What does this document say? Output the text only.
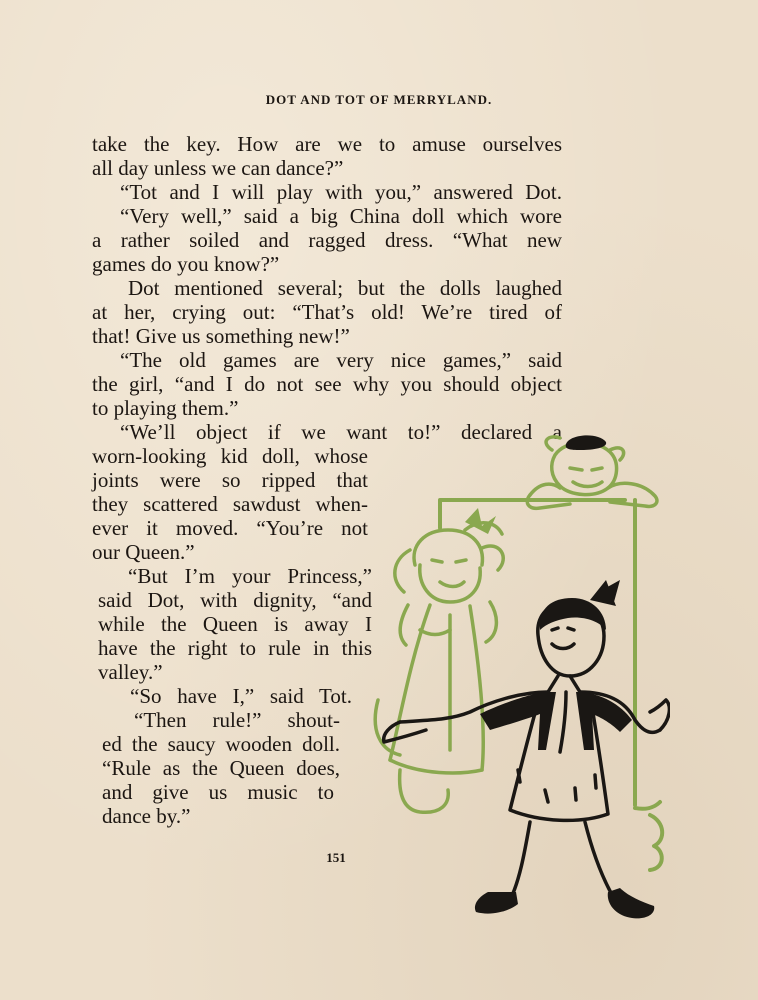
DOT AND TOT OF MERRYLAND.
take the key. How are we to amuse ourselves
all day unless we can dance?”
“Tot and I will play with you,” answered Dot.
“Very well,” said a big China doll which wore
a rather soiled and ragged dress. “What new
games do you know?”
Dot mentioned several; but the dolls laughed
at her, crying out: “That’s old! We’re tired of
that! Give us something new!”
“The old games are very nice games,” said
the girl, “and I do not see why you should object
to playing them.”
“We’ll object if we want to!” declared a
worn-looking kid doll, whose
joints were so ripped that
they scattered sawdust when-
ever it moved. “You’re not
our Queen.”
“But I’m your Princess,”
said Dot, with dignity, “and
while the Queen is away I
have the right to rule in this
valley.”
“So have I,” said Tot.
“Then rule!” shout-
ed the saucy wooden doll.
“Rule as the Queen does,
and give us music to
dance by.”
151
